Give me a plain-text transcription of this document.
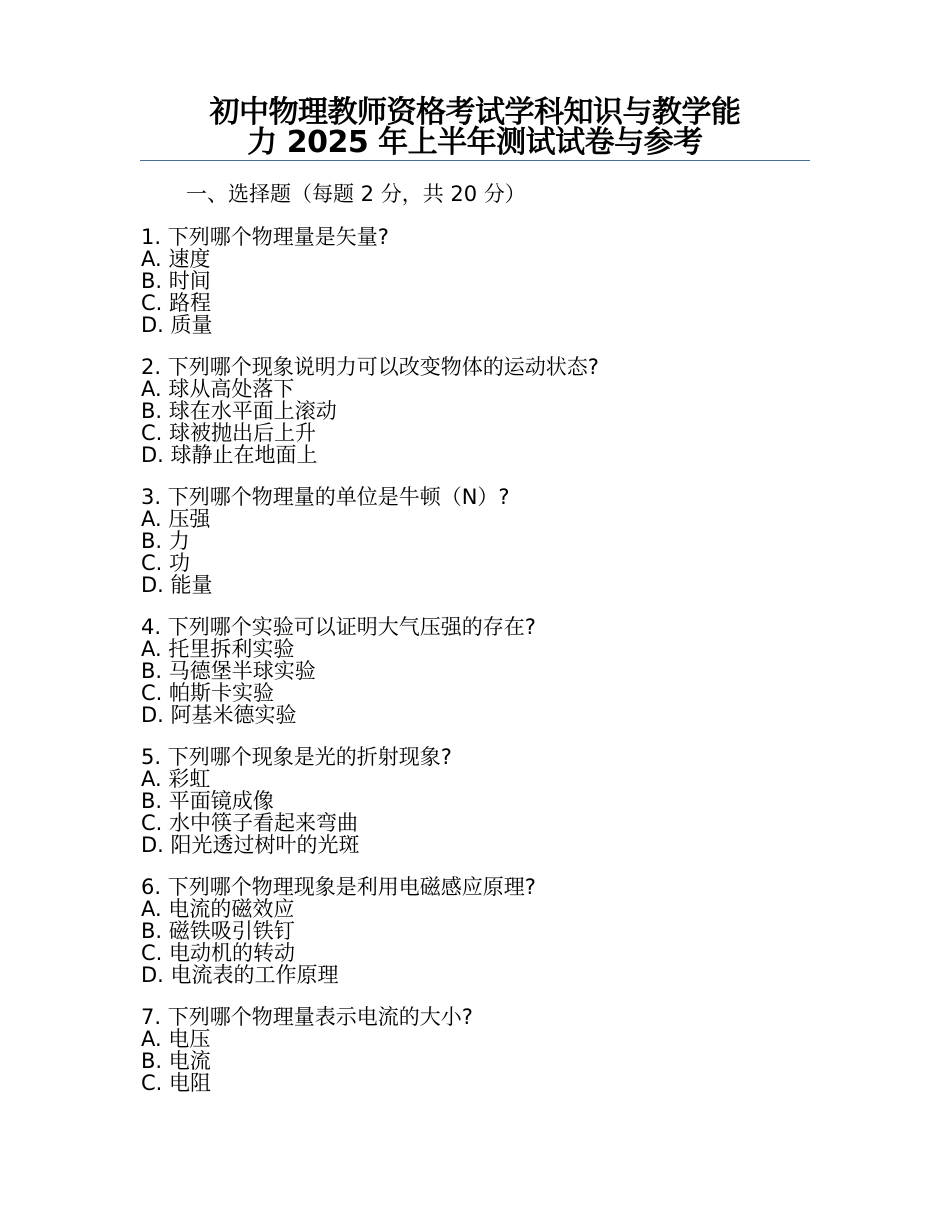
初中物理教师资格考试学科知识与教学能
力 2025 年上半年测试试卷与参考
一、选择题（每题 2 分，共 20 分）
1. 下列哪个物理量是矢量?
A. 速度
B. 时间
C. 路程
D. 质量
2. 下列哪个现象说明力可以改变物体的运动状态?
A. 球从高处落下
B. 球在水平面上滚动
C. 球被抛出后上升
D. 球静止在地面上
3. 下列哪个物理量的单位是牛顿（N）?
A. 压强
B. 力
C. 功
D. 能量
4. 下列哪个实验可以证明大气压强的存在?
A. 托里拆利实验
B. 马德堡半球实验
C. 帕斯卡实验
D. 阿基米德实验
5. 下列哪个现象是光的折射现象?
A. 彩虹
B. 平面镜成像
C. 水中筷子看起来弯曲
D. 阳光透过树叶的光斑
6. 下列哪个物理现象是利用电磁感应原理?
A. 电流的磁效应
B. 磁铁吸引铁钉
C. 电动机的转动
D. 电流表的工作原理
7. 下列哪个物理量表示电流的大小?
A. 电压
B. 电流
C. 电阻
